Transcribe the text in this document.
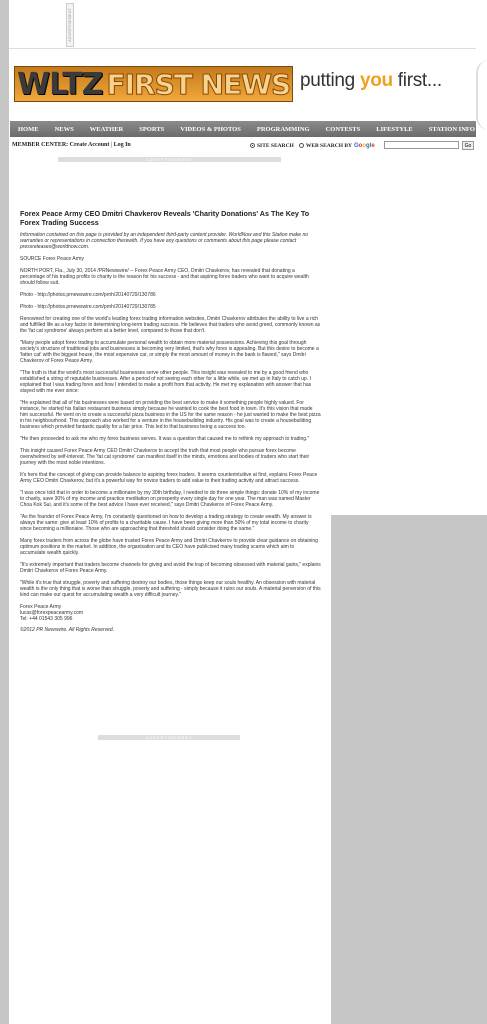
ADVERTISEMENT
WLTZ FIRST NEWS putting you first...
HOME NEWS WEATHER SPORTS VIDEOS & PHOTOS PROGRAMMING CONTESTS LIFESTYLE STATION INFO
MEMBER CENTER: Create Account | Log In	SITE SEARCH WEB SEARCH BY Google	Go
ADVERTISEMENT
Forex Peace Army CEO Dmitri Chavkerov Reveals 'Charity Donations' As The Key To Forex Trading Success

Information contained on this page is provided by an independent third-party content provider. WorldNow and this Station make no warranties or representations in connection therewith. If you have any questions or comments about this page please contact pressreleases@worldnow.com.

SOURCE Forex Peace Army

NORTH PORT, Fla., July 30, 2014 /PRNewswire/ -- Forex Peace Army CEO, Dmitri Chavkerov, has revealed that donating a percentage of his trading profits to charity is the reason for his success - and that aspiring forex traders who want to acquire wealth should follow suit.

Photo - http://photos.prnewswire.com/prnh/20140729/130786

Photo - http://photos.prnewswire.com/prnh/20140729/130785

Renowned for creating one of the world's leading forex trading information websites, Dmitri Chavkerov attributes the ability to live a rich and fulfilled life as a key factor in determining long-term trading success. He believes that traders who avoid greed, commonly known as the 'fat cat syndrome' always perform at a better level, compared to those that don't.

"Many people adopt forex trading to accumulate personal wealth to obtain more material possessions. Achieving this goal through society's structure of traditional jobs and businesses is becoming very limited, that's why forex is appealing. But this desire to become a 'fatter cat' with the biggest house, the most expensive car, or simply the most amount of money in the bank is flawed," says Dmitri Chavkerov of Forex Peace Army.

"The truth is that the world's most successful businesses serve other people. This insight was revealed to me by a good friend who established a string of reputable businesses. After a period of not seeing each other for a little while, we met up in Italy to catch up. I explained that I was trading forex and how I intended to make a profit from that activity. He met my explanation with answer that has stayed with me ever since:

"He explained that all of his businesses were based on providing the best service to make it something people highly valued. For instance, he started his Italian restaurant business simply because he wanted to cook the best food in town. It's this vision that made him successful. He went on to create a successful pizza business in the US for the same reason - he just wanted to make the best pizza in his neighbourhood. This approach also worked for a venture in the housebuilding industry. His goal was to create a housebuilding business which provided fantastic quality for a fair price. This led to that business being a success too.

"He then proceeded to ask me who my forex business serves. It was a question that caused me to rethink my approach to trading."

This insight caused Forex Peace Army CEO Dmitri Chavkerov to accept the truth that most people who pursue forex become overwhelmed by self-interest. The 'fat cat syndrome' can manifest itself in the minds, emotions and bodies of traders who start their journey with the most noble intentions.

It's here that the concept of giving can provide balance to aspiring forex traders. It seems counterintuitive at first, explains Forex Peace Army CEO Dmitri Chavkerov, but it's a powerful way for novice traders to add value to their trading activity and attract success.

"I was once told that in order to become a millionaire by my 30th birthday, I needed to do three simple things: donate 10% of my income to charity, save 30% of my income and practice meditation on prosperity every single day for one year. The man was named Master Choa Kok Sui, and it's some of the best advice I have ever received," says Dmitri Chavkerov of Forex Peace Army.

"As the founder of Forex Peace Army, I'm constantly questioned on how to develop a trading strategy to create wealth. My answer is always the same: give at least 10% of profits to a charitable cause. I have been giving more than 50% of my total income to charity since becoming a millionaire. Those who are approaching that threshold should consider doing the same."

Many forex traders from across the globe have trusted Forex Peace Army and Dmitri Chavkerov to provide clear guidance on obtaining optimum positions in the market. In addition, the organisation and its CEO have publicised many trading scams which aim to accumulate wealth quickly.

"It's extremely important that traders become channels for giving and avoid the trap of becoming obsessed with material gains," explains Dmitri Chavkerov of Forex Peace Army.

"While it's true that struggle, poverty and suffering destroy our bodies, those things keep our souls healthy. An obsession with material wealth is the only thing that is worse than struggle, poverty and suffering - simply because it ruins our souls. A material perversion of this kind can make our quest for accumulating wealth a very difficult journey."

Forex Peace Army
lucas@forexpeacearmy.com
Tel: +44 01543 305 996

©2012 PR Newswire. All Rights Reserved.

ADVERTISEMENT
